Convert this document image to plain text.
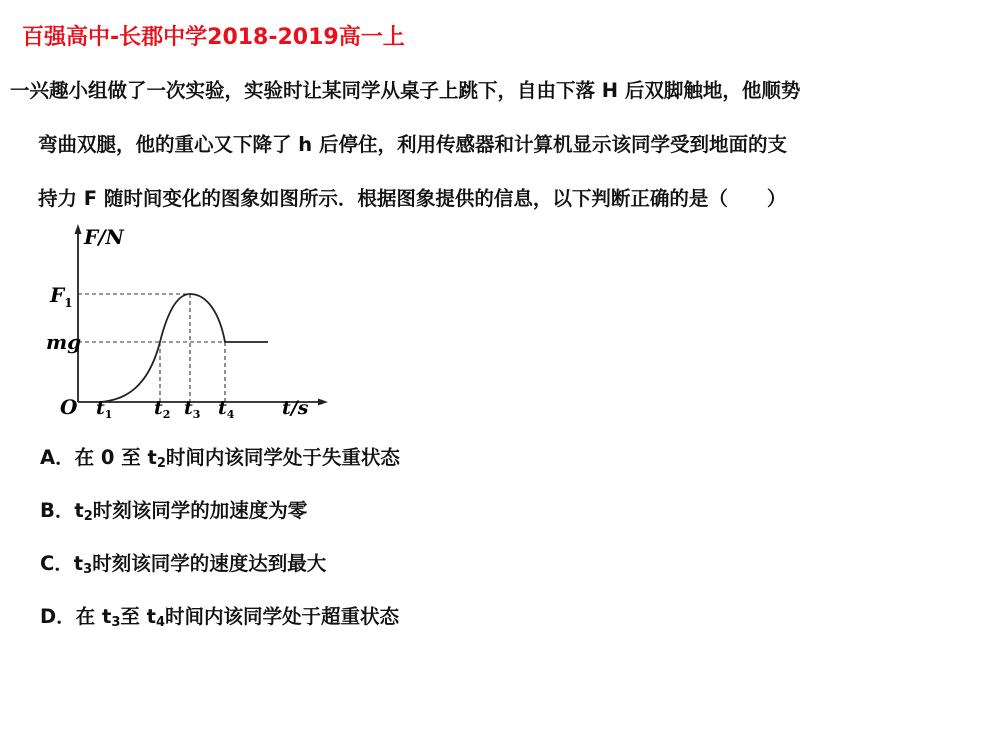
百强高中-长郡中学2018-2019高一上
一兴趣小组做了一次实验，实验时让某同学从桌子上跳下，自由下落 H 后双脚触地，他顺势
弯曲双腿，他的重心又下降了 h 后停住，利用传感器和计算机显示该同学受到地面的支
持力 F 随时间变化的图象如图所示．根据图象提供的信息，以下判断正确的是（　　）
F/N
t/s
O
$F_1$
mg
$t_1$ $t_2$ $t_3$ $t_4$
A．在 0 至 $t_2$时间内该同学处于失重状态
B．$t_2$时刻该同学的加速度为零
C．$t_3$时刻该同学的速度达到最大
D．在 $t_3$至 $t_4$时间内该同学处于超重状态
